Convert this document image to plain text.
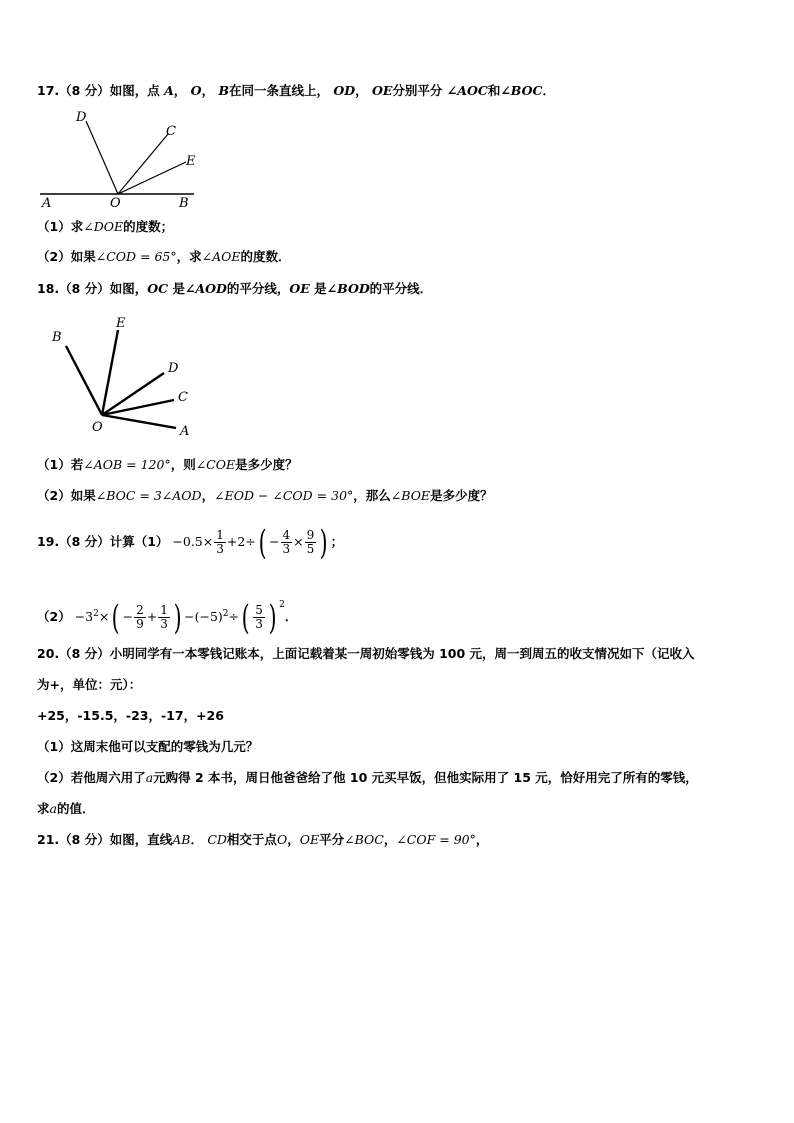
17.（8 分）如图，点 A， O， B在同一条直线上， OD， OE分别平分 ∠AOC和∠BOC．
D
C
E
A	O	B
（1）求∠DOE的度数；
（2）如果∠COD = 65°，求∠AOE的度数．
18.（8 分）如图，OC 是∠AOD的平分线，OE 是∠BOD的平分线．
B
E
D
C
O	A
（1）若∠AOB = 120°，则∠COE是多少度？
（2）如果∠BOC = 3∠AOD，∠EOD − ∠COD = 30°，那么∠BOE是多少度？
19.（8 分）计算$(1) -0.5\times \frac{1}{3} +2\div( - \frac{4}{3} \times \frac{9}{5}$ ) ；
$(2) -3^2\times( - \frac{2}{9} + \frac{1}{3}$ ) $-(-5)^2\div( \frac{5}{3}$ ) $^2$．
20.（8 分）小明同学有一本零钱记账本，上面记载着某一周初始零钱为 100 元，周一到周五的收支情况如下（记收入
为+，单位：元）：
+25，-15.5，-23，-17，+26
（1）这周末他可以支配的零钱为几元？
（2）若他周六用了a元购得 2 本书，周日他爸爸给了他 10 元买早饭，但他实际用了 15 元，恰好用完了所有的零钱，
求a的值．
21.（8 分）如图，直线AB． CD相交于点O，OE平分∠BOC，∠COF = 90°，
